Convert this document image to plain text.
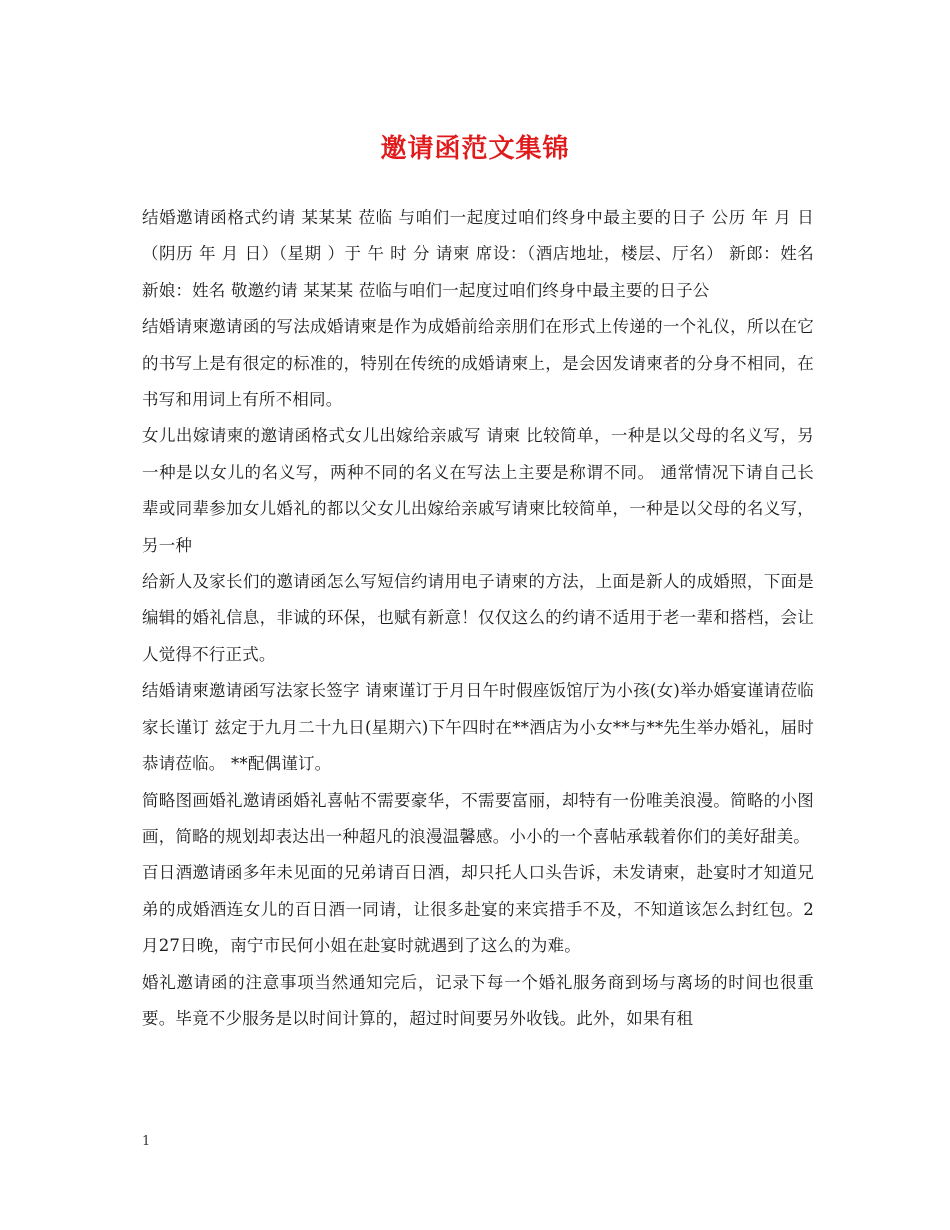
邀请函范文集锦

结婚邀请函格式约请 某某某 莅临 与咱们一起度过咱们终身中最主要的日子 公历 年 月 日（阴历 年 月 日）（星期 ）于 午 时 分 请柬 席设：（酒店地址，楼层、厅名） 新郎：姓名 新娘：姓名 敬邀约请 某某某 莅临与咱们一起度过咱们终身中最主要的日子公

结婚请柬邀请函的写法成婚请柬是作为成婚前给亲朋们在形式上传递的一个礼仪，所以在它的书写上是有很定的标准的，特别在传统的成婚请柬上，是会因发请柬者的分身不相同，在书写和用词上有所不相同。

女儿出嫁请柬的邀请函格式女儿出嫁给亲戚写 请柬 比较简单，一种是以父母的名义写，另一种是以女儿的名义写，两种不同的名义在写法上主要是称谓不同。 通常情况下请自己长辈或同辈参加女儿婚礼的都以父女儿出嫁给亲戚写请柬比较简单，一种是以父母的名义写，另一种

给新人及家长们的邀请函怎么写短信约请用电子请柬的方法，上面是新人的成婚照，下面是编辑的婚礼信息，非诚的环保，也赋有新意！仅仅这么的约请不适用于老一辈和搭档，会让人觉得不行正式。

结婚请柬邀请函写法家长签字 请柬谨订于月日午时假座饭馆厅为小孩(女)举办婚宴谨请莅临家长谨订 兹定于九月二十九日(星期六)下午四时在**酒店为小女**与**先生举办婚礼，届时恭请莅临。 **配偶谨订。

简略图画婚礼邀请函婚礼喜帖不需要豪华，不需要富丽，却特有一份唯美浪漫。简略的小图画，简略的规划却表达出一种超凡的浪漫温馨感。小小的一个喜帖承载着你们的美好甜美。

百日酒邀请函多年未见面的兄弟请百日酒，却只托人口头告诉，未发请柬，赴宴时才知道兄弟的成婚酒连女儿的百日酒一同请，让很多赴宴的来宾措手不及，不知道该怎么封红包。2月27日晚，南宁市民何小姐在赴宴时就遇到了这么的为难。

婚礼邀请函的注意事项当然通知完后，记录下每一个婚礼服务商到场与离场的时间也很重要。毕竟不少服务是以时间计算的，超过时间要另外收钱。此外，如果有租

1
